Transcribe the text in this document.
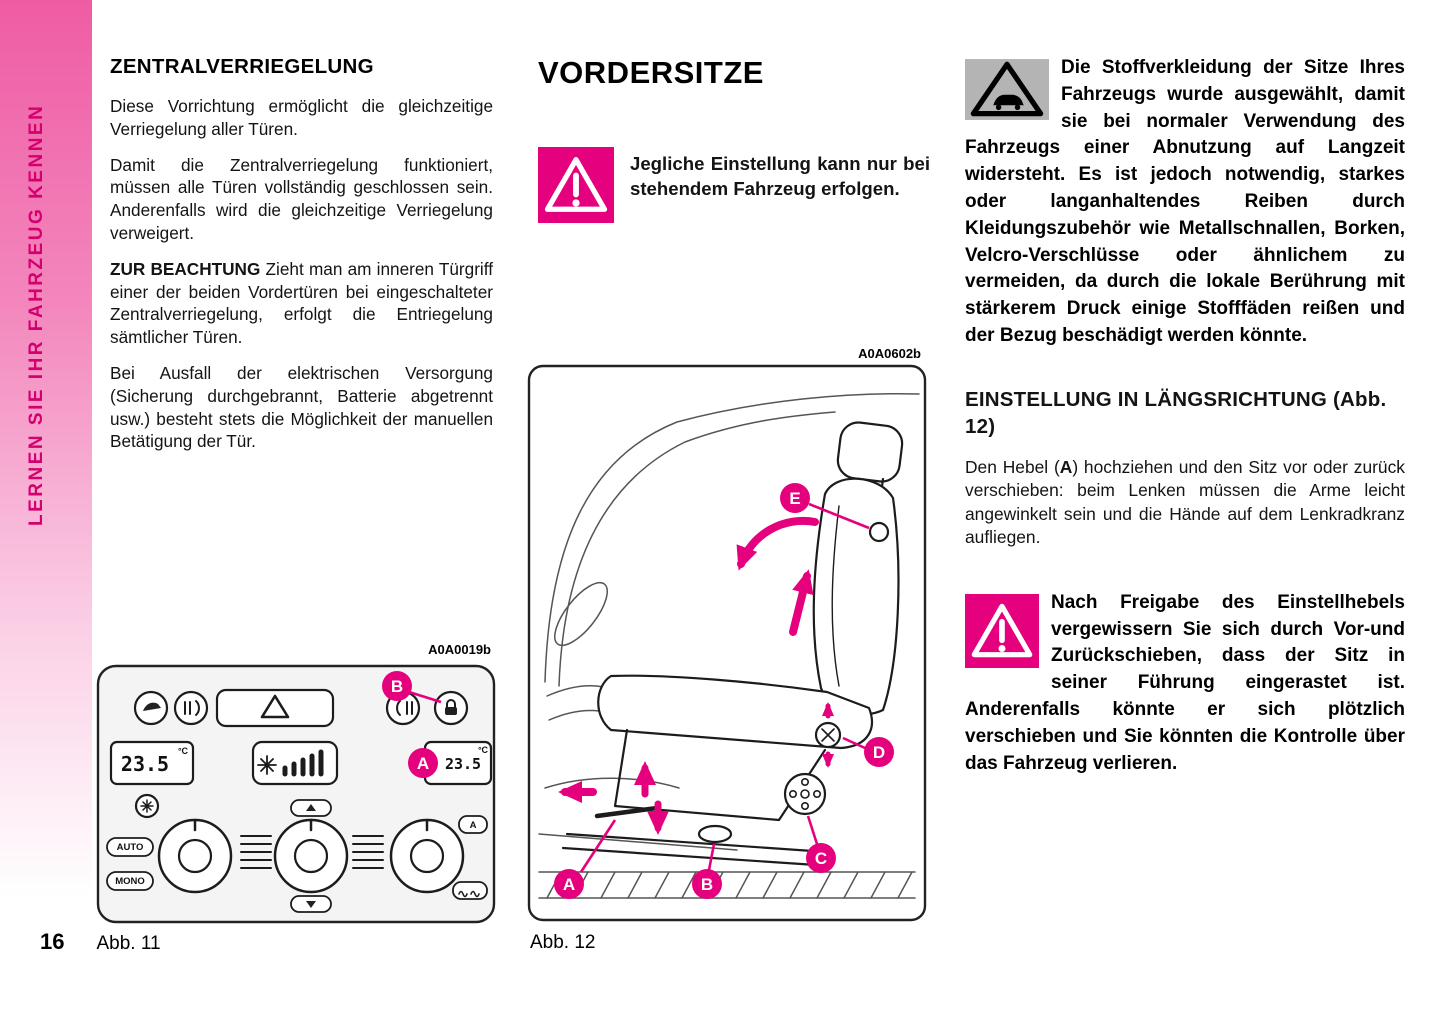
LERNEN SIE IHR FAHRZEUG KENNEN
ZENTRALVERRIEGELUNG

Diese Vorrichtung ermöglicht die gleichzeitige Verriegelung aller Türen.

Damit die Zentralverriegelung funktioniert, müssen alle Türen vollständig geschlossen sein. Anderenfalls wird die gleichzeitige Verriegelung verweigert.

ZUR BEACHTUNG Zieht man am inneren Türgriff einer der beiden Vordertüren bei eingeschalteter Zentralverriegelung, erfolgt die Entriegelung sämtlicher Türen.

Bei Ausfall der elektrischen Versorgung (Sicherung durchgebrannt, Batterie abgetrennt usw.) besteht stets die Möglichkeit der manuellen Betätigung der Tür.

A0A0019b
23.5
°C
23.5
°C
AUTO
MONO
A
B
A
16 Abb. 11
VORDERSITZE

Jegliche Einstellung kann nur bei stehendem Fahrzeug erfolgen.

A0A0602b
E
D
C
B
A
Abb. 12

Die Stoffverkleidung der Sitze Ihres Fahrzeugs wurde ausgewählt, damit sie bei normaler Verwendung des Fahrzeugs einer Abnutzung auf Langzeit widersteht. Es ist jedoch notwendig, starkes oder langanhaltendes Reiben durch Kleidungszubehör wie Metallschnallen, Borken, Velcro-Verschlüsse oder ähnlichem zu vermeiden, da durch die lokale Berührung mit stärkerem Druck einige Stofffäden reißen und der Bezug beschädigt werden könnte.

EINSTELLUNG IN LÄNGSRICHTUNG (Abb. 12)

Den Hebel (A) hochziehen und den Sitz vor oder zurück verschieben: beim Lenken müssen die Arme leicht angewinkelt sein und die Hände auf dem Lenkradkranz aufliegen.

Nach Freigabe des Einstellhebels vergewissern Sie sich durch Vor-und Zurückschieben, dass der Sitz in seiner Führung eingerastet ist. Anderenfalls könnte er sich plötzlich verschieben und Sie könnten die Kontrolle über das Fahrzeug verlieren.
